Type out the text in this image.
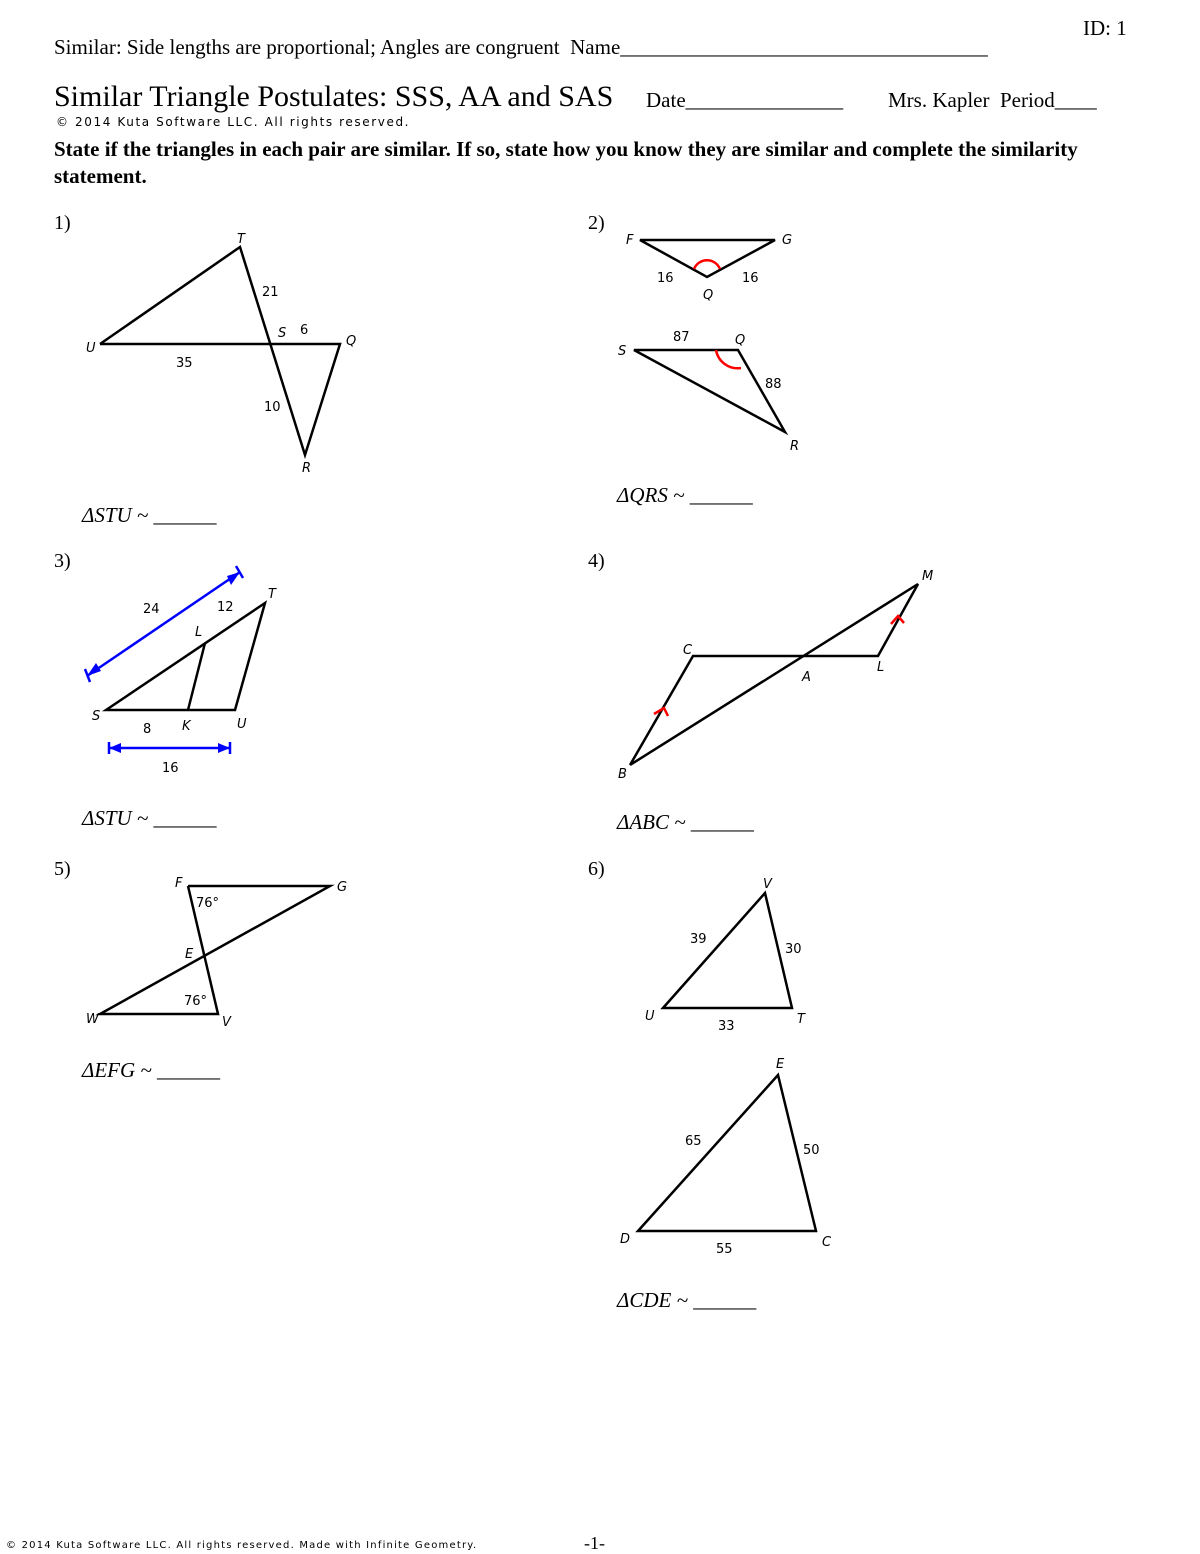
ID: 1
Similar: Side lengths are proportional; Angles are congruent Name___________________________________
Similar Triangle Postulates: SSS, AA and SAS Date_______________ Mrs. Kapler Period____
© 2014 Kuta Software LLC. All rights reserved.
State if the triangles in each pair are similar. If so, state how you know they are similar and complete the similarity statement.
1)
T
U
S
Q
R
21
6
35
10
ΔSTU ~ ______
2)
F	G
Q
16	16
S
Q
R
87
88
ΔQRS ~ ______
3)
T
L
S
K	U
24	12
8
16
ΔSTU ~ ______
4)
M
C
A
L
B
ΔABC ~ ______
5)
F	G
E
W	V
76°
76°
ΔEFG ~ ______
6)
V
U	T
39
30
33
E
D	C
65
50
55
ΔCDE ~ ______
© 2014 Kuta Software LLC. All rights reserved. Made with Infinite Geometry.	-1-
